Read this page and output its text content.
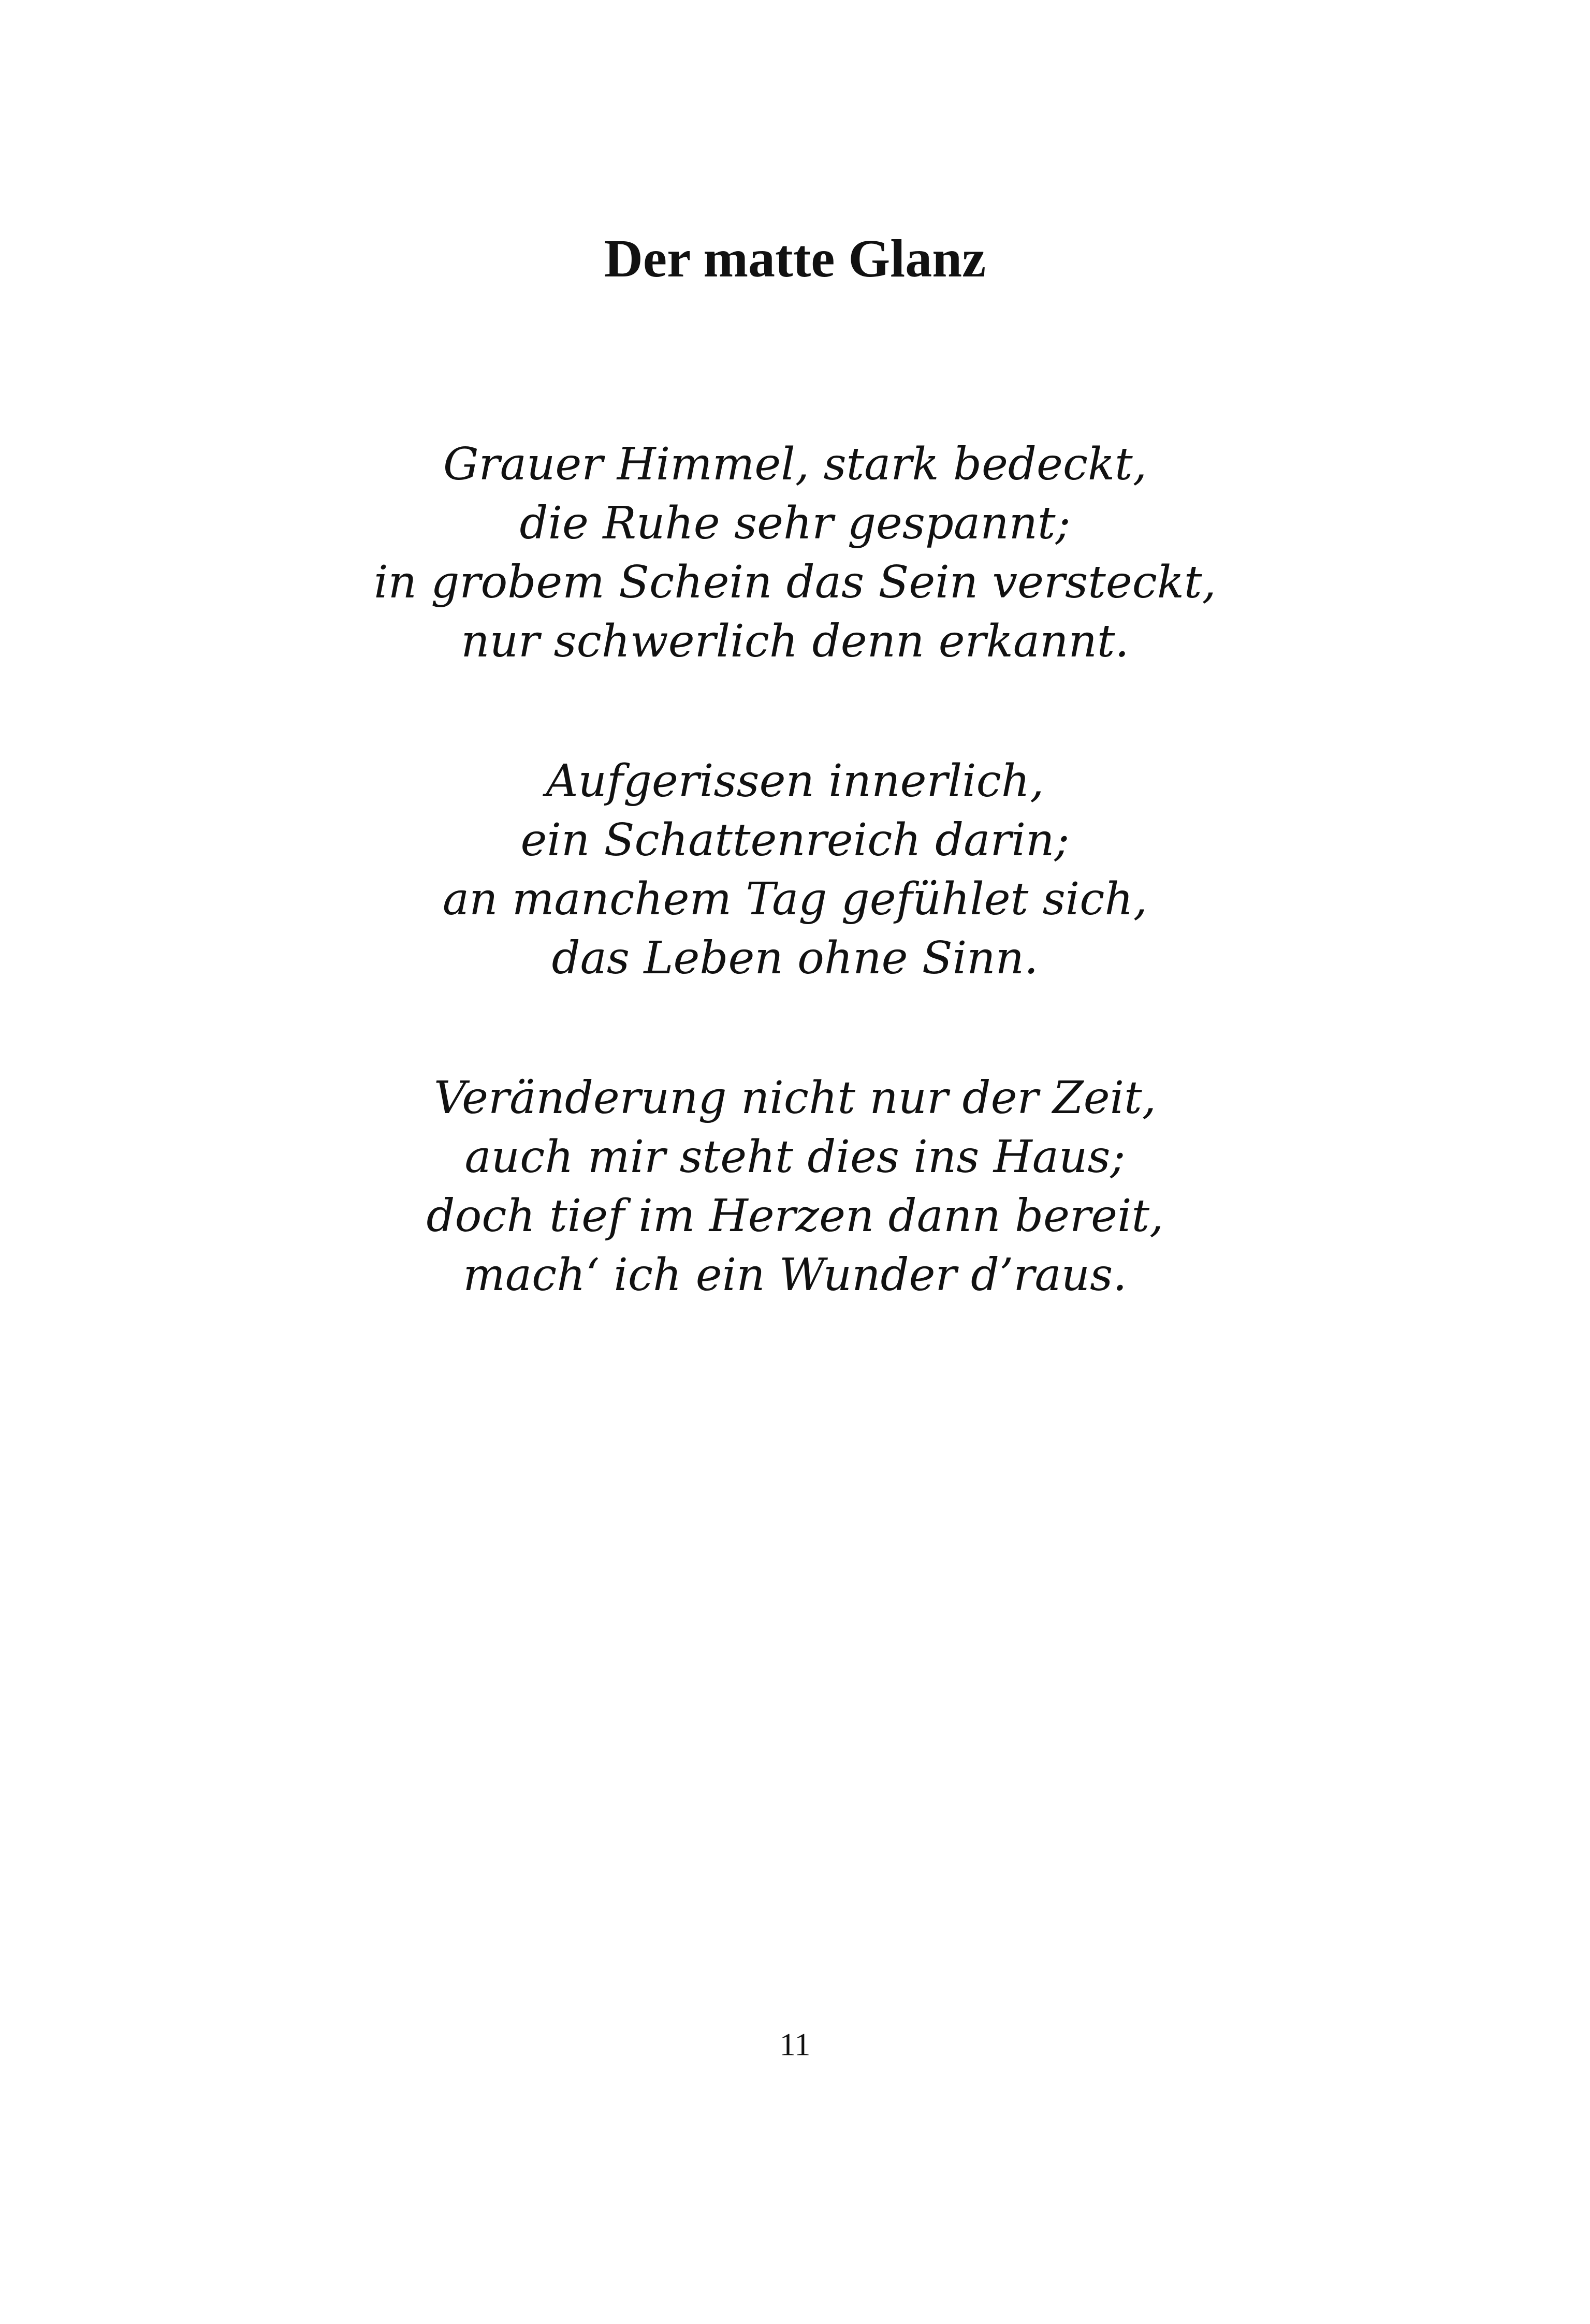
Der matte Glanz
Grauer Himmel, stark bedeckt,
die Ruhe sehr gespannt;
in grobem Schein das Sein versteckt,
nur schwerlich denn erkannt.
Aufgerissen innerlich,
ein Schattenreich darin;
an manchem Tag gefühlet sich,
das Leben ohne Sinn.
Veränderung nicht nur der Zeit,
auch mir steht dies ins Haus;
doch tief im Herzen dann bereit,
mach‘ ich ein Wunder d’raus.
11
